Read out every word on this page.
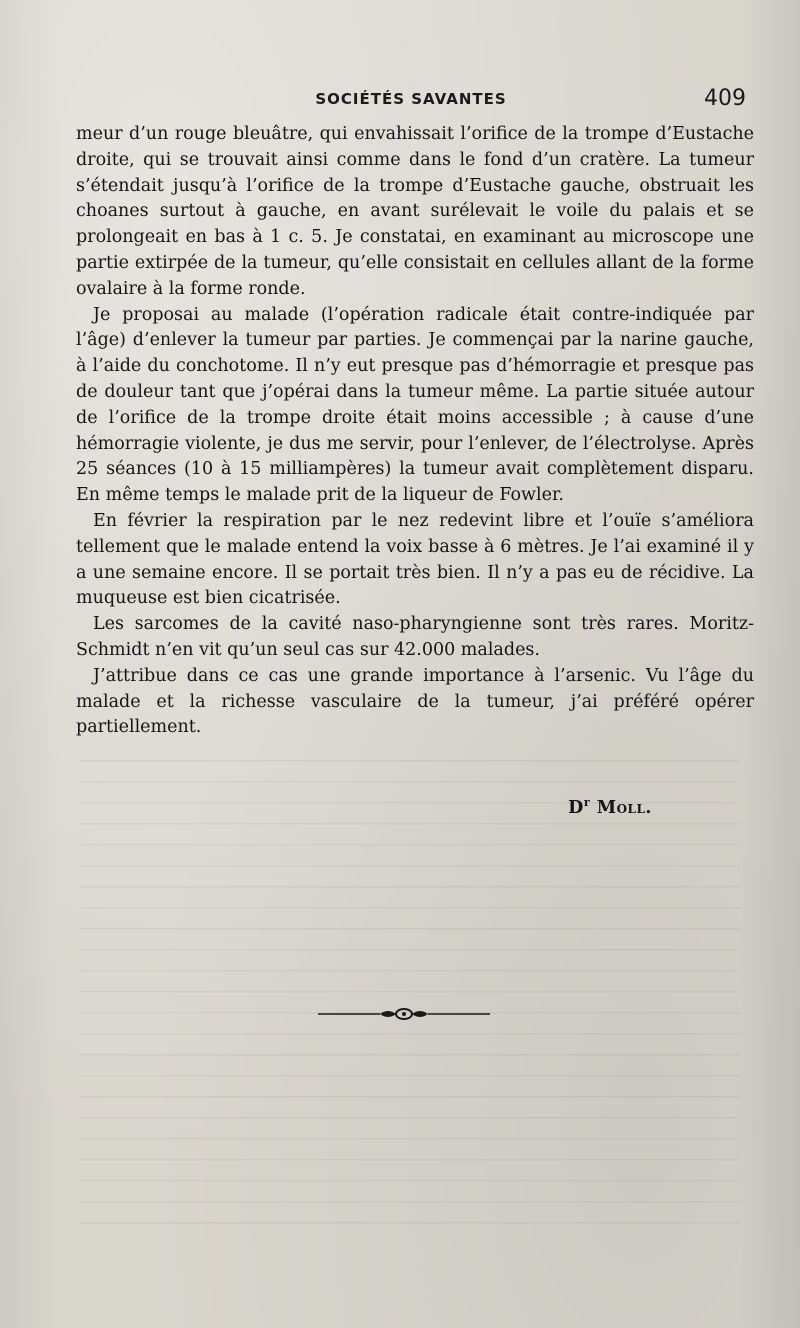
SOCIÉTÉS SAVANTES	409

meur d’un rouge bleuâtre, qui envahissait l’orifice de la trompe d’Eustache droite, qui se trouvait ainsi comme dans le fond d’un cratère. La tumeur s’étendait jusqu’à l’orifice de la trompe d’Eustache gauche, obstruait les choanes surtout à gauche, en avant surélevait le voile du palais et se prolongeait en bas à 1 c. 5. Je constatai, en examinant au microscope une partie extirpée de la tumeur, qu’elle consistait en cellules allant de la forme ovalaire à la forme ronde.

Je proposai au malade (l’opération radicale était contre-indiquée par l’âge) d’enlever la tumeur par parties. Je commençai par la narine gauche, à l’aide du conchotome. Il n’y eut presque pas d’hémorragie et presque pas de douleur tant que j’opérai dans la tumeur même. La partie située autour de l’orifice de la trompe droite était moins accessible ; à cause d’une hémorragie violente, je dus me servir, pour l’enlever, de l’électrolyse. Après 25 séances (10 à 15 milliampères) la tumeur avait complètement disparu. En même temps le malade prit de la liqueur de Fowler.

En février la respiration par le nez redevint libre et l’ouïe s’améliora tellement que le malade entend la voix basse à 6 mètres. Je l’ai examiné il y a une semaine encore. Il se portait très bien. Il n’y a pas eu de récidive. La muqueuse est bien cicatrisée.

Les sarcomes de la cavité naso-pharyngienne sont très rares. Moritz-Schmidt n’en vit qu’un seul cas sur 42.000 malades.

J’attribue dans ce cas une grande importance à l’arsenic. Vu l’âge du malade et la richesse vasculaire de la tumeur, j’ai préféré opérer partiellement.

$D^r$ Moll.
